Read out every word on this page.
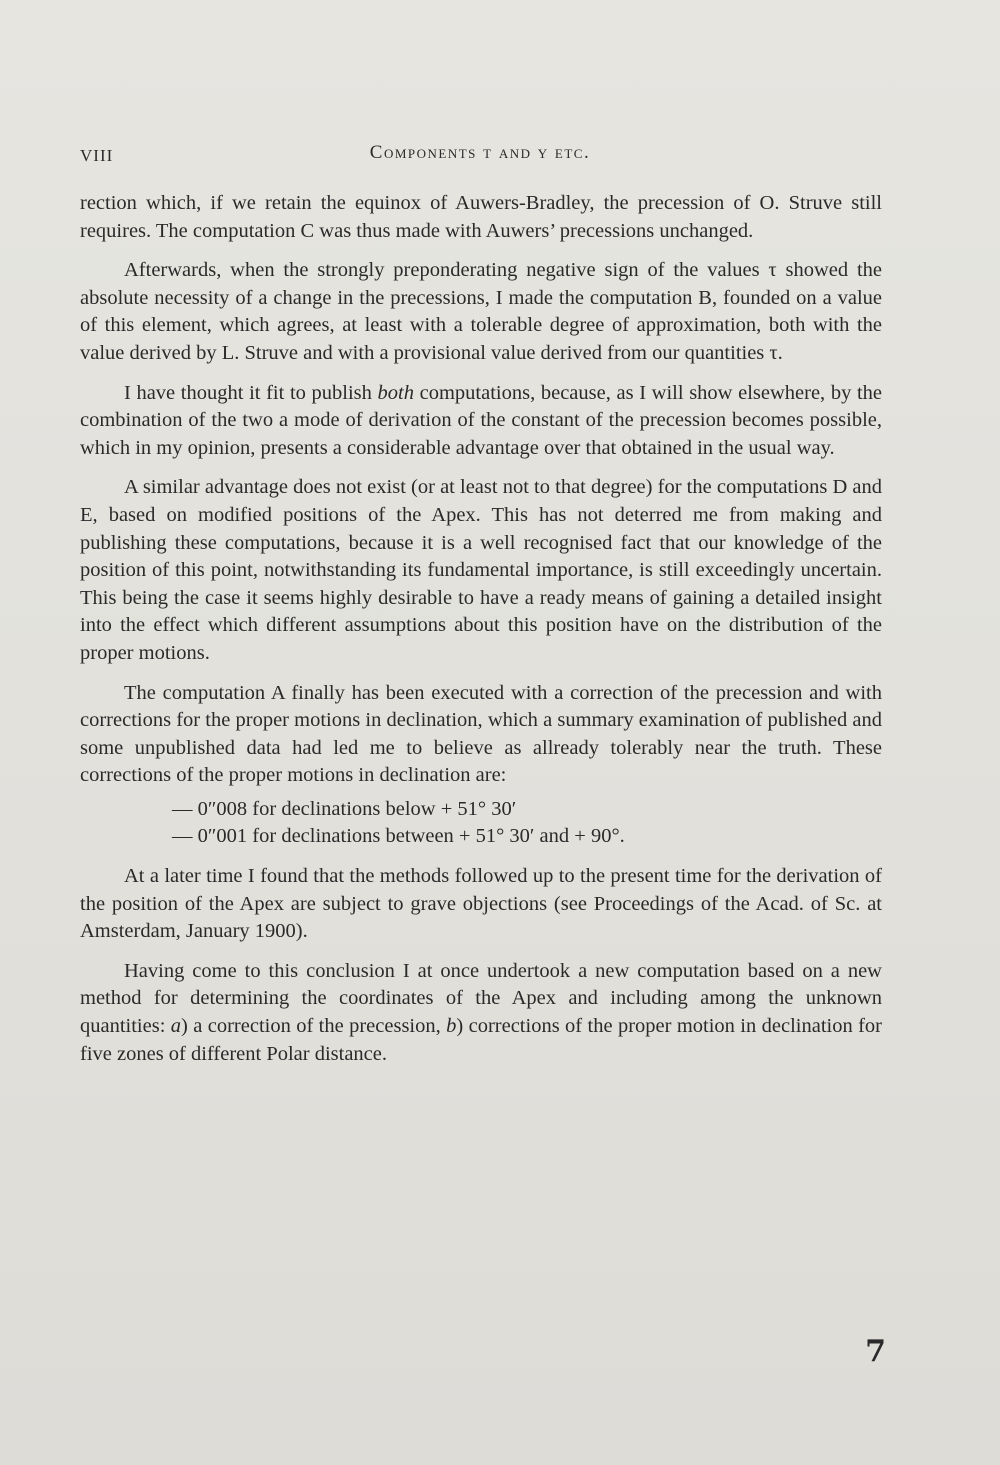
VIII	Components τ and υ etc.

rection which, if we retain the equinox of Auwers-Bradley, the precession of O. Struve still requires. The computation C was thus made with Auwers’ precessions unchanged.

Afterwards, when the strongly preponderating negative sign of the values τ showed the absolute necessity of a change in the precessions, I made the computation B, founded on a value of this element, which agrees, at least with a tolerable degree of approximation, both with the value derived by L. Struve and with a provisional value derived from our quantities τ.

I have thought it fit to publish both computations, because, as I will show elsewhere, by the combination of the two a mode of derivation of the constant of the precession becomes possible, which in my opinion, presents a considerable advantage over that obtained in the usual way.

A similar advantage does not exist (or at least not to that degree) for the computations D and E, based on modified positions of the Apex. This has not deterred me from making and publishing these computations, because it is a well recognised fact that our knowledge of the position of this point, notwithstanding its fundamental importance, is still exceedingly uncertain. This being the case it seems highly desirable to have a ready means of gaining a detailed insight into the effect which different assumptions about this position have on the distribution of the proper motions.

The computation A finally has been executed with a correction of the precession and with corrections for the proper motions in declination, which a summary examination of published and some unpublished data had led me to believe as allready tolerably near the truth. These corrections of the proper motions in declination are:

— 0″008 for declinations below + 51° 30′
— 0″001 for declinations between + 51° 30′ and + 90°.

At a later time I found that the methods followed up to the present time for the derivation of the position of the Apex are subject to grave objections (see Proceedings of the Acad. of Sc. at Amsterdam, January 1900).

Having come to this conclusion I at once undertook a new computation based on a new method for determining the coordinates of the Apex and including among the unknown quantities: a) a correction of the precession, b) corrections of the proper motion in declination for five zones of different Polar distance.

7
